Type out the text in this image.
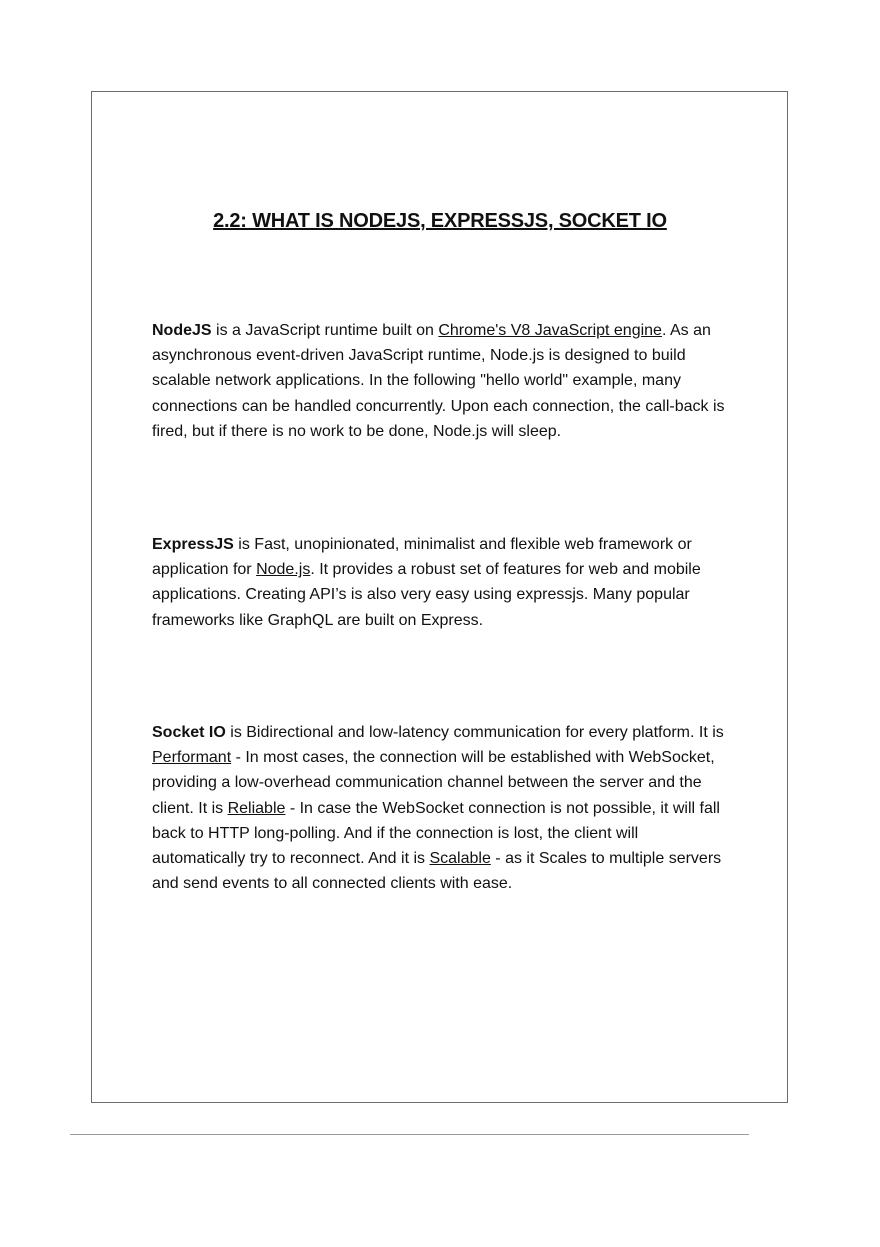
2.2: WHAT IS NODEJS, EXPRESSJS, SOCKET IO

NodeJS is a JavaScript runtime built on Chrome's V8 JavaScript engine. As an asynchronous event-driven JavaScript runtime, Node.js is designed to build scalable network applications. In the following "hello world" example, many connections can be handled concurrently. Upon each connection, the call-back is fired, but if there is no work to be done, Node.js will sleep.

ExpressJS is Fast, unopinionated, minimalist and flexible web framework or application for Node.js. It provides a robust set of features for web and mobile applications. Creating API’s is also very easy using expressjs. Many popular frameworks like GraphQL are built on Express.

Socket IO is Bidirectional and low-latency communication for every platform. It is Performant - In most cases, the connection will be established with WebSocket, providing a low-overhead communication channel between the server and the client. It is Reliable - In case the WebSocket connection is not possible, it will fall back to HTTP long-polling. And if the connection is lost, the client will automatically try to reconnect. And it is Scalable - as it Scales to multiple servers and send events to all connected clients with ease.
